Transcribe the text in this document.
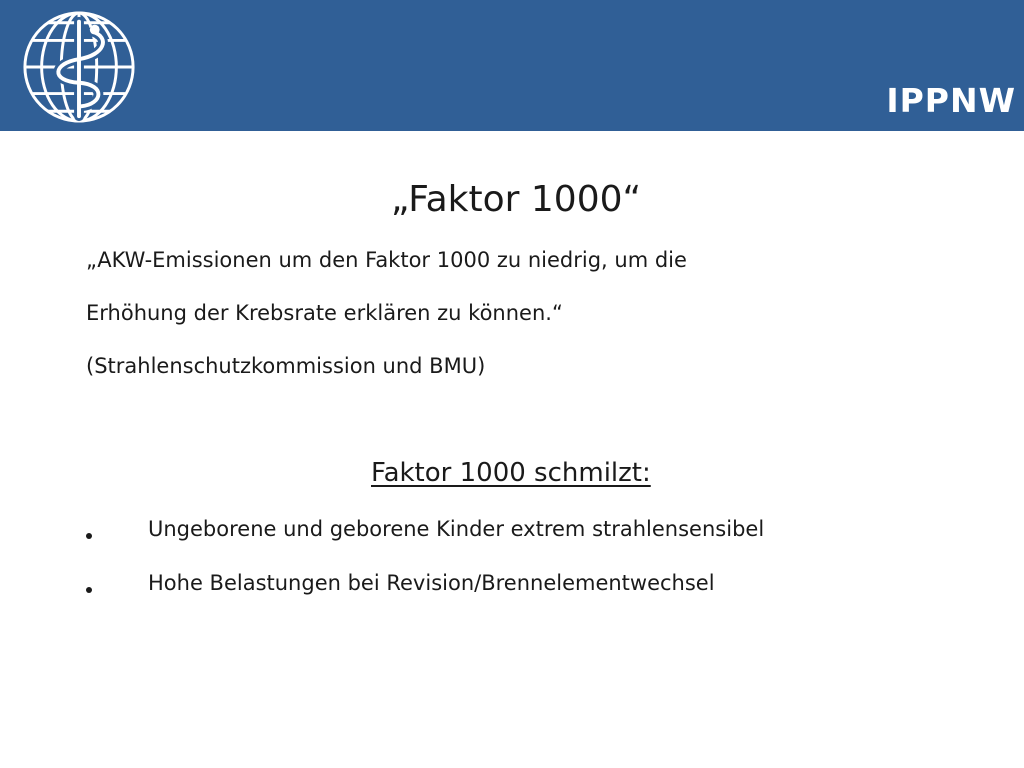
IPPNW
„Faktor 1000“
„AKW-Emissionen um den Faktor 1000 zu niedrig, um die
Erhöhung der Krebsrate erklären zu können.“
(Strahlenschutzkommission und BMU)
Faktor 1000 schmilzt:
Ungeborene und geborene Kinder extrem strahlensensibel
Hohe Belastungen bei Revision/Brennelementwechsel
